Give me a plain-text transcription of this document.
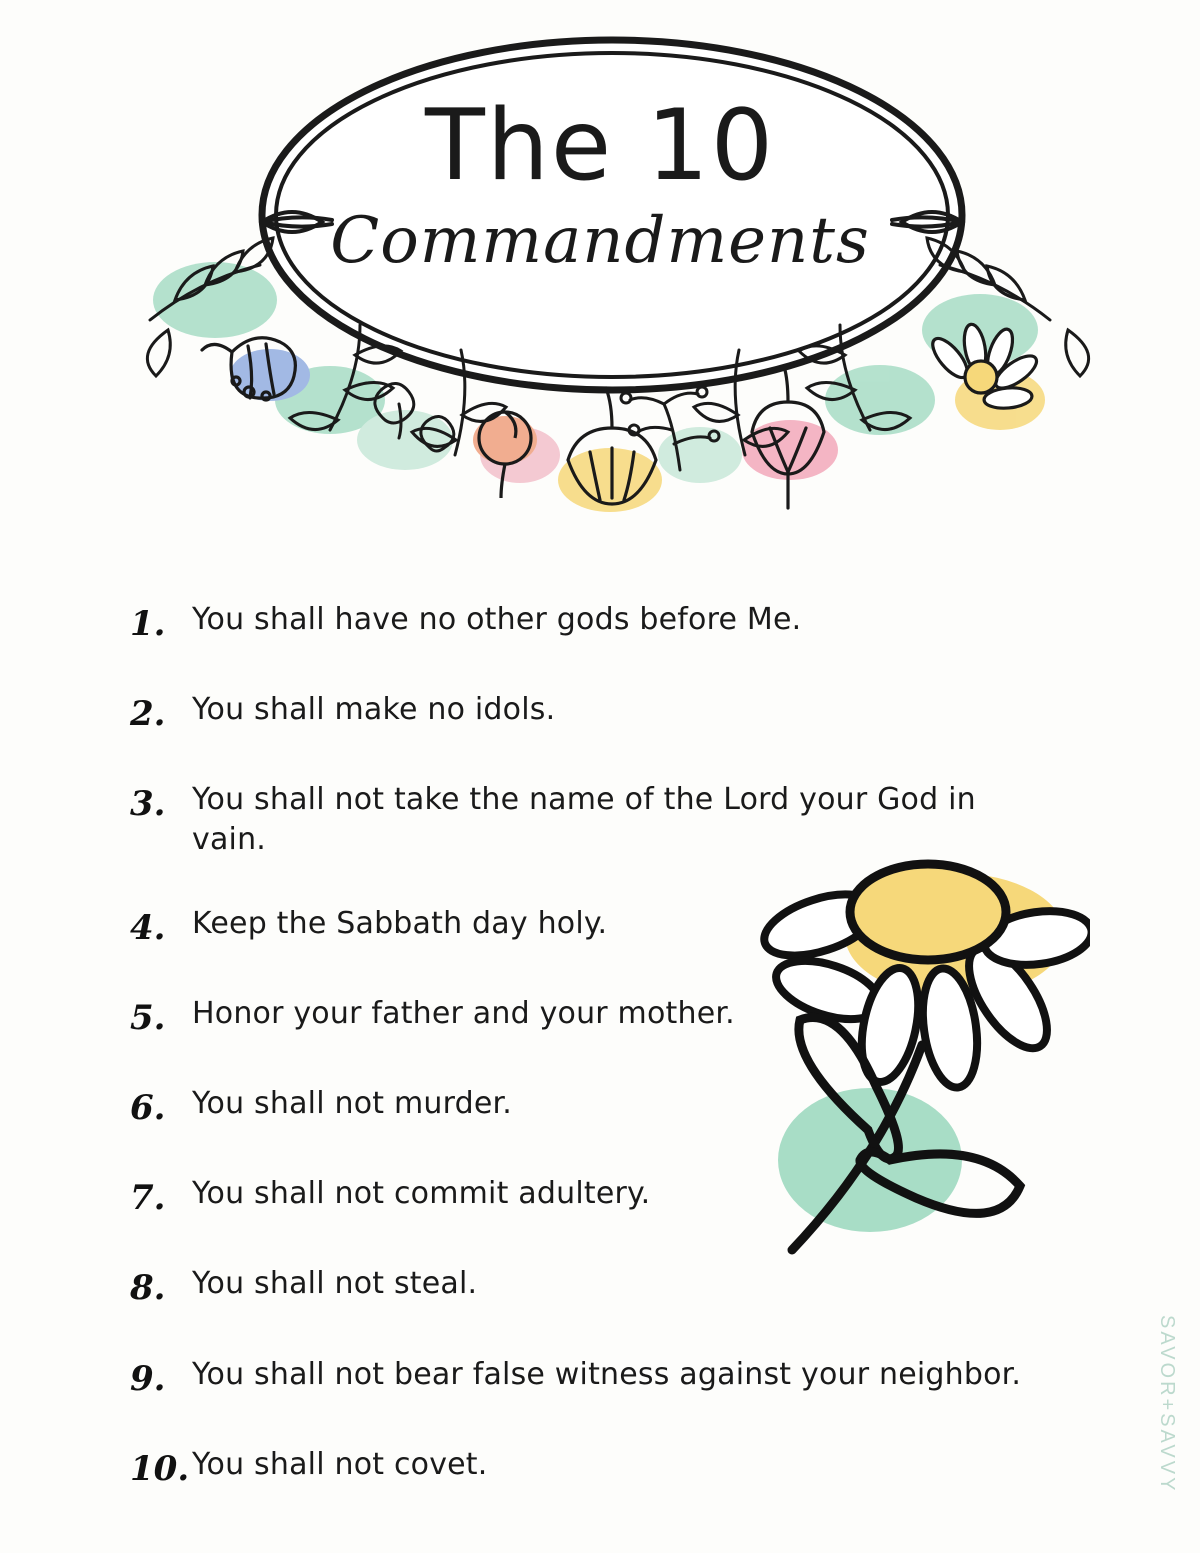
The 10
Commandments
1. You shall have no other gods before Me.
2. You shall make no idols.
3. You shall not take the name of the Lord your God in vain.
4. Keep the Sabbath day holy.
5. Honor your father and your mother.
6. You shall not murder.
7. You shall not commit adultery.
8. You shall not steal.
9. You shall not bear false witness against your neighbor.
10. You shall not covet.	SAVOR+SAVVY
